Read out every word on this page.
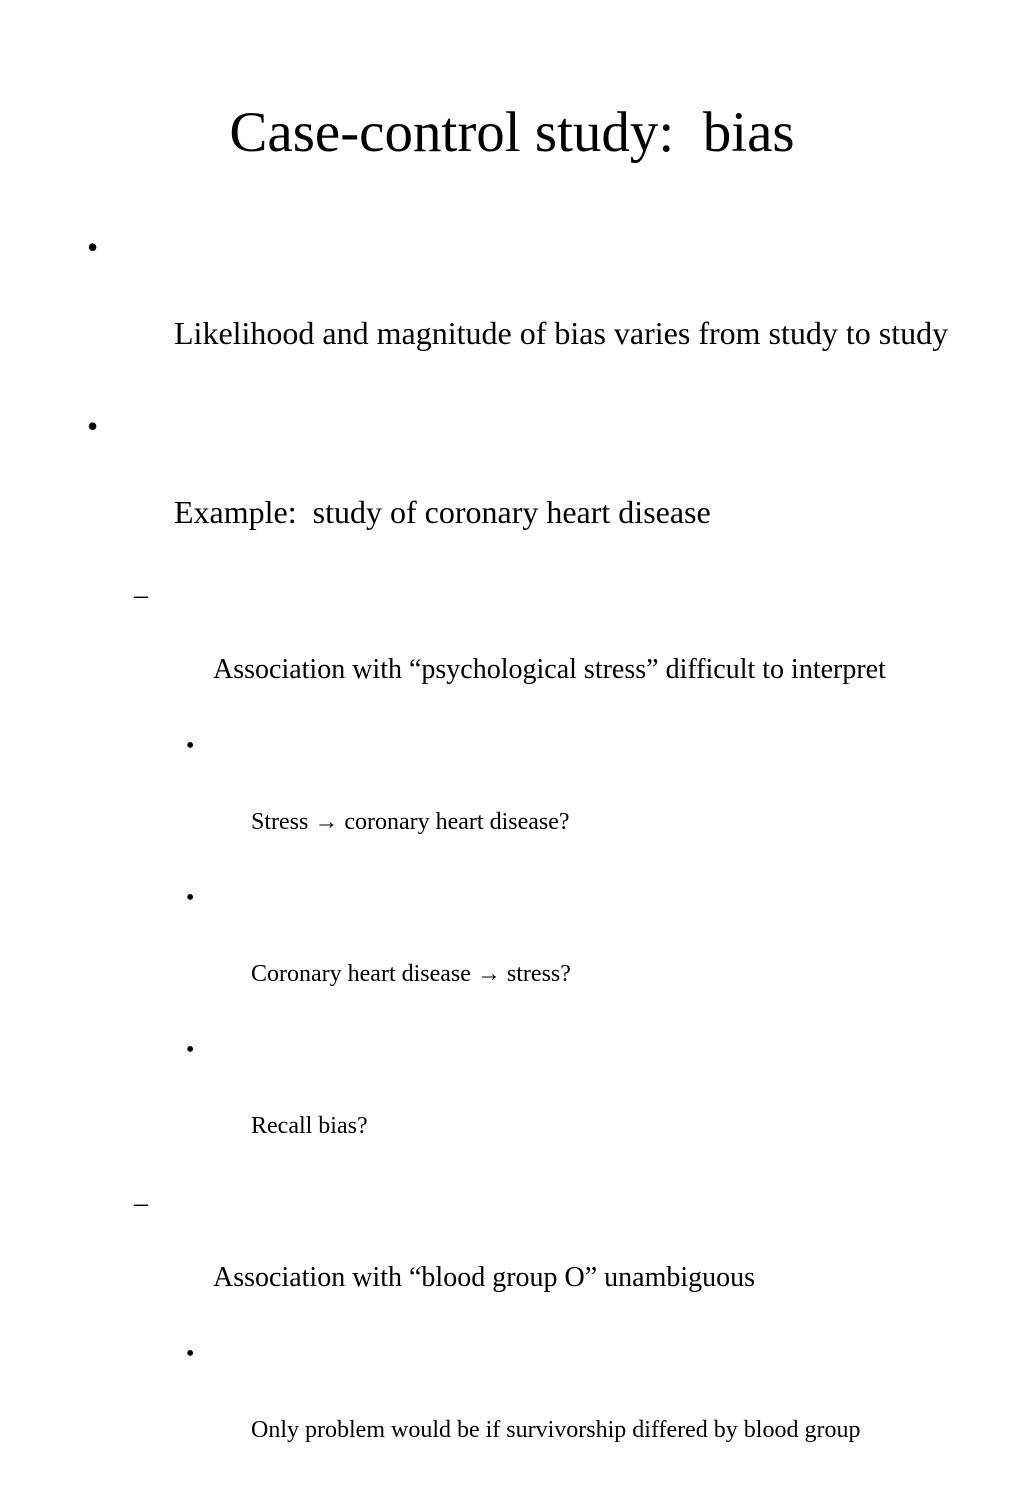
Case-control study:  bias

•

Likelihood and magnitude of bias varies from study to study

•

Example:  study of coronary heart disease

–

Association with “psychological stress” difficult to interpret

•

Stress → coronary heart disease?

•

Coronary heart disease → stress?

•

Recall bias?

–

Association with “blood group O” unambiguous

•

Only problem would be if survivorship differed by blood group
